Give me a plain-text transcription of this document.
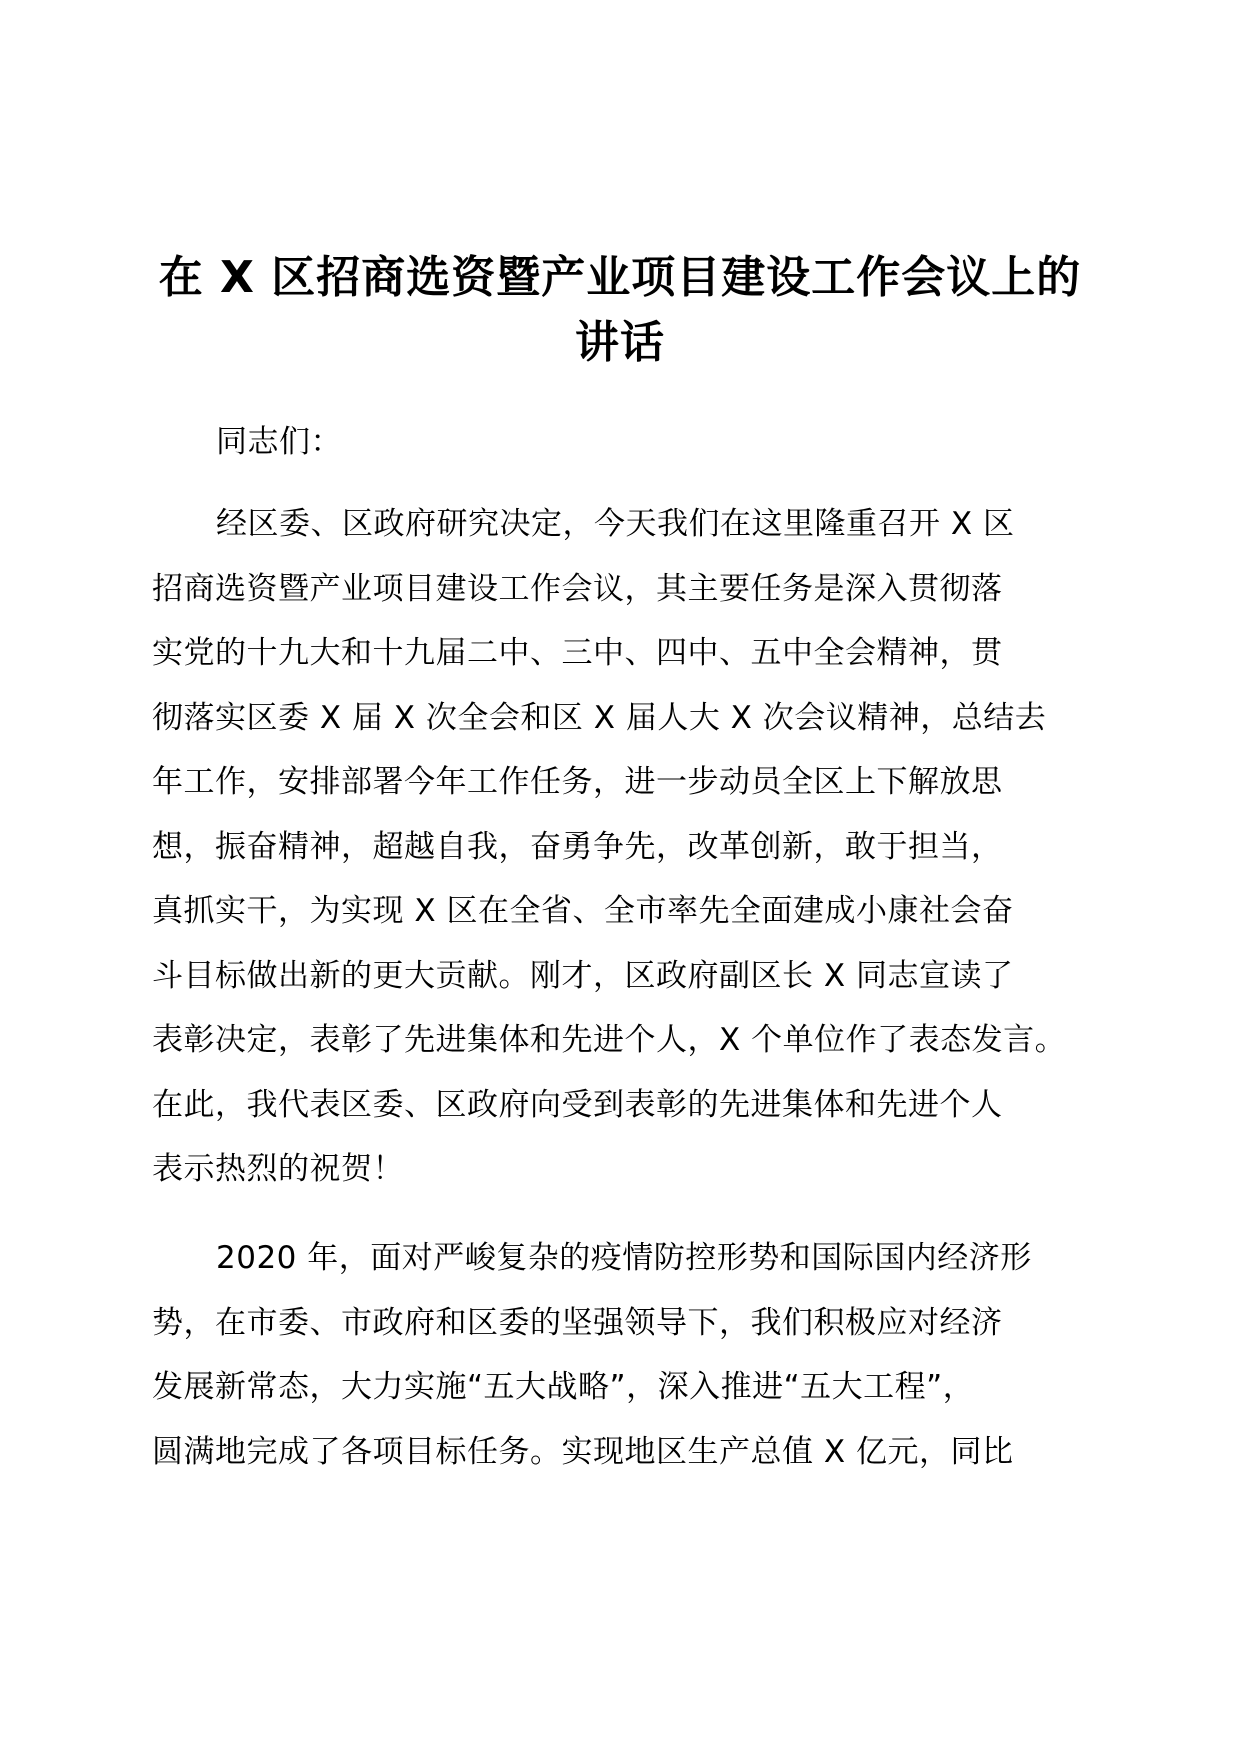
在 X 区招商选资暨产业项目建设工作会议上的
讲话
同志们：
经区委、区政府研究决定，今天我们在这里隆重召开 X 区
招商选资暨产业项目建设工作会议，其主要任务是深入贯彻落
实党的十九大和十九届二中、三中、四中、五中全会精神，贯
彻落实区委 X 届 X 次全会和区 X 届人大 X 次会议精神，总结去
年工作，安排部署今年工作任务，进一步动员全区上下解放思
想，振奋精神，超越自我，奋勇争先，改革创新，敢于担当，
真抓实干，为实现 X 区在全省、全市率先全面建成小康社会奋
斗目标做出新的更大贡献。刚才，区政府副区长 X 同志宣读了
表彰决定，表彰了先进集体和先进个人，X 个单位作了表态发言。
在此，我代表区委、区政府向受到表彰的先进集体和先进个人
表示热烈的祝贺！
2020 年，面对严峻复杂的疫情防控形势和国际国内经济形
势，在市委、市政府和区委的坚强领导下，我们积极应对经济
发展新常态，大力实施“五大战略”，深入推进“五大工程”，
圆满地完成了各项目标任务。实现地区生产总值 X 亿元，同比
